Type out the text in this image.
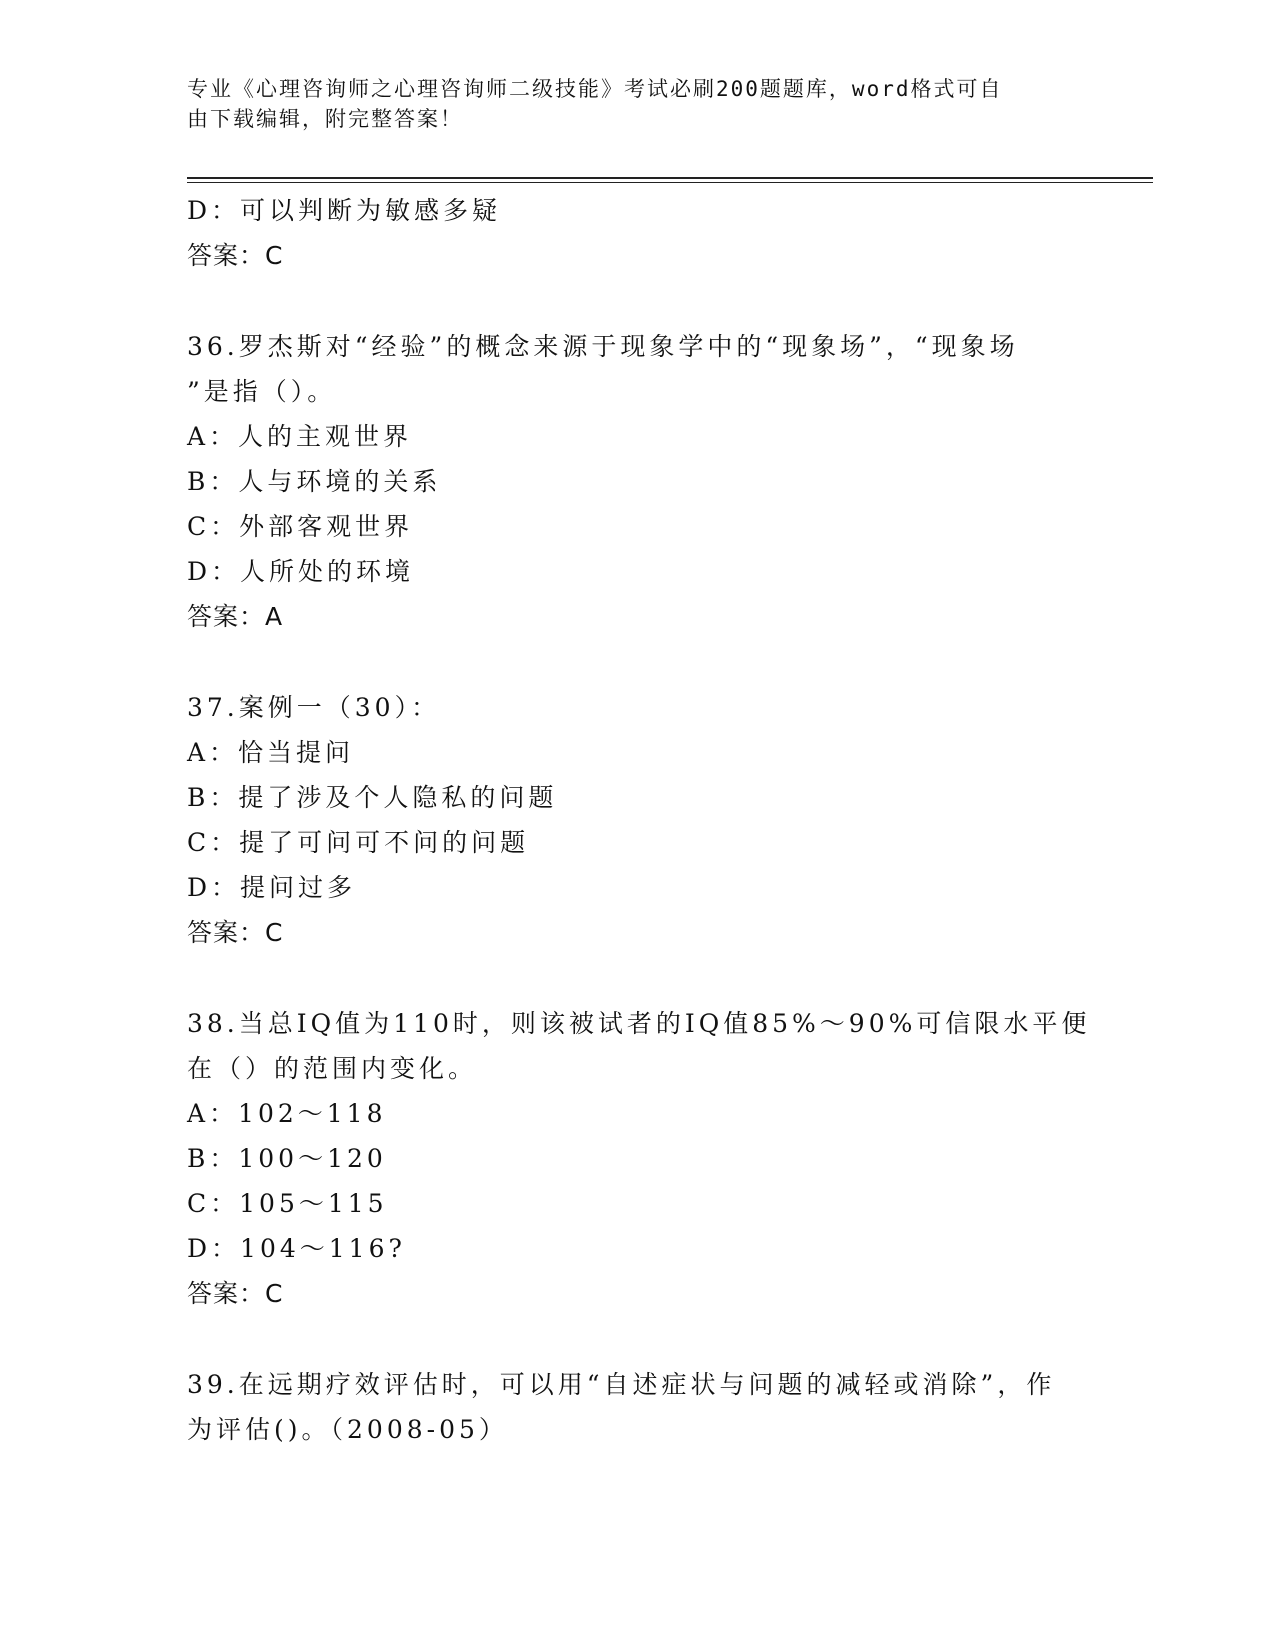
专业《心理咨询师之心理咨询师二级技能》考试必刷200题题库，word格式可自
由下载编辑，附完整答案！
D：可以判断为敏感多疑
答案：C
36.罗杰斯对“经验”的概念来源于现象学中的“现象场”，“现象场
”是指（）。
A：人的主观世界
B：人与环境的关系
C：外部客观世界
D：人所处的环境
答案：A
37.案例一（30）：
A：恰当提问
B：提了涉及个人隐私的问题
C：提了可问可不问的问题
D：提问过多
答案：C
38.当总IQ值为110时，则该被试者的IQ值85%～90%可信限水平便
在（）的范围内变化。
A：102～118
B：100～120
C：105～115
D：104～116?
答案：C
39.在远期疗效评估时，可以用“自述症状与问题的减轻或消除”，作
为评估()。（2008-05）
